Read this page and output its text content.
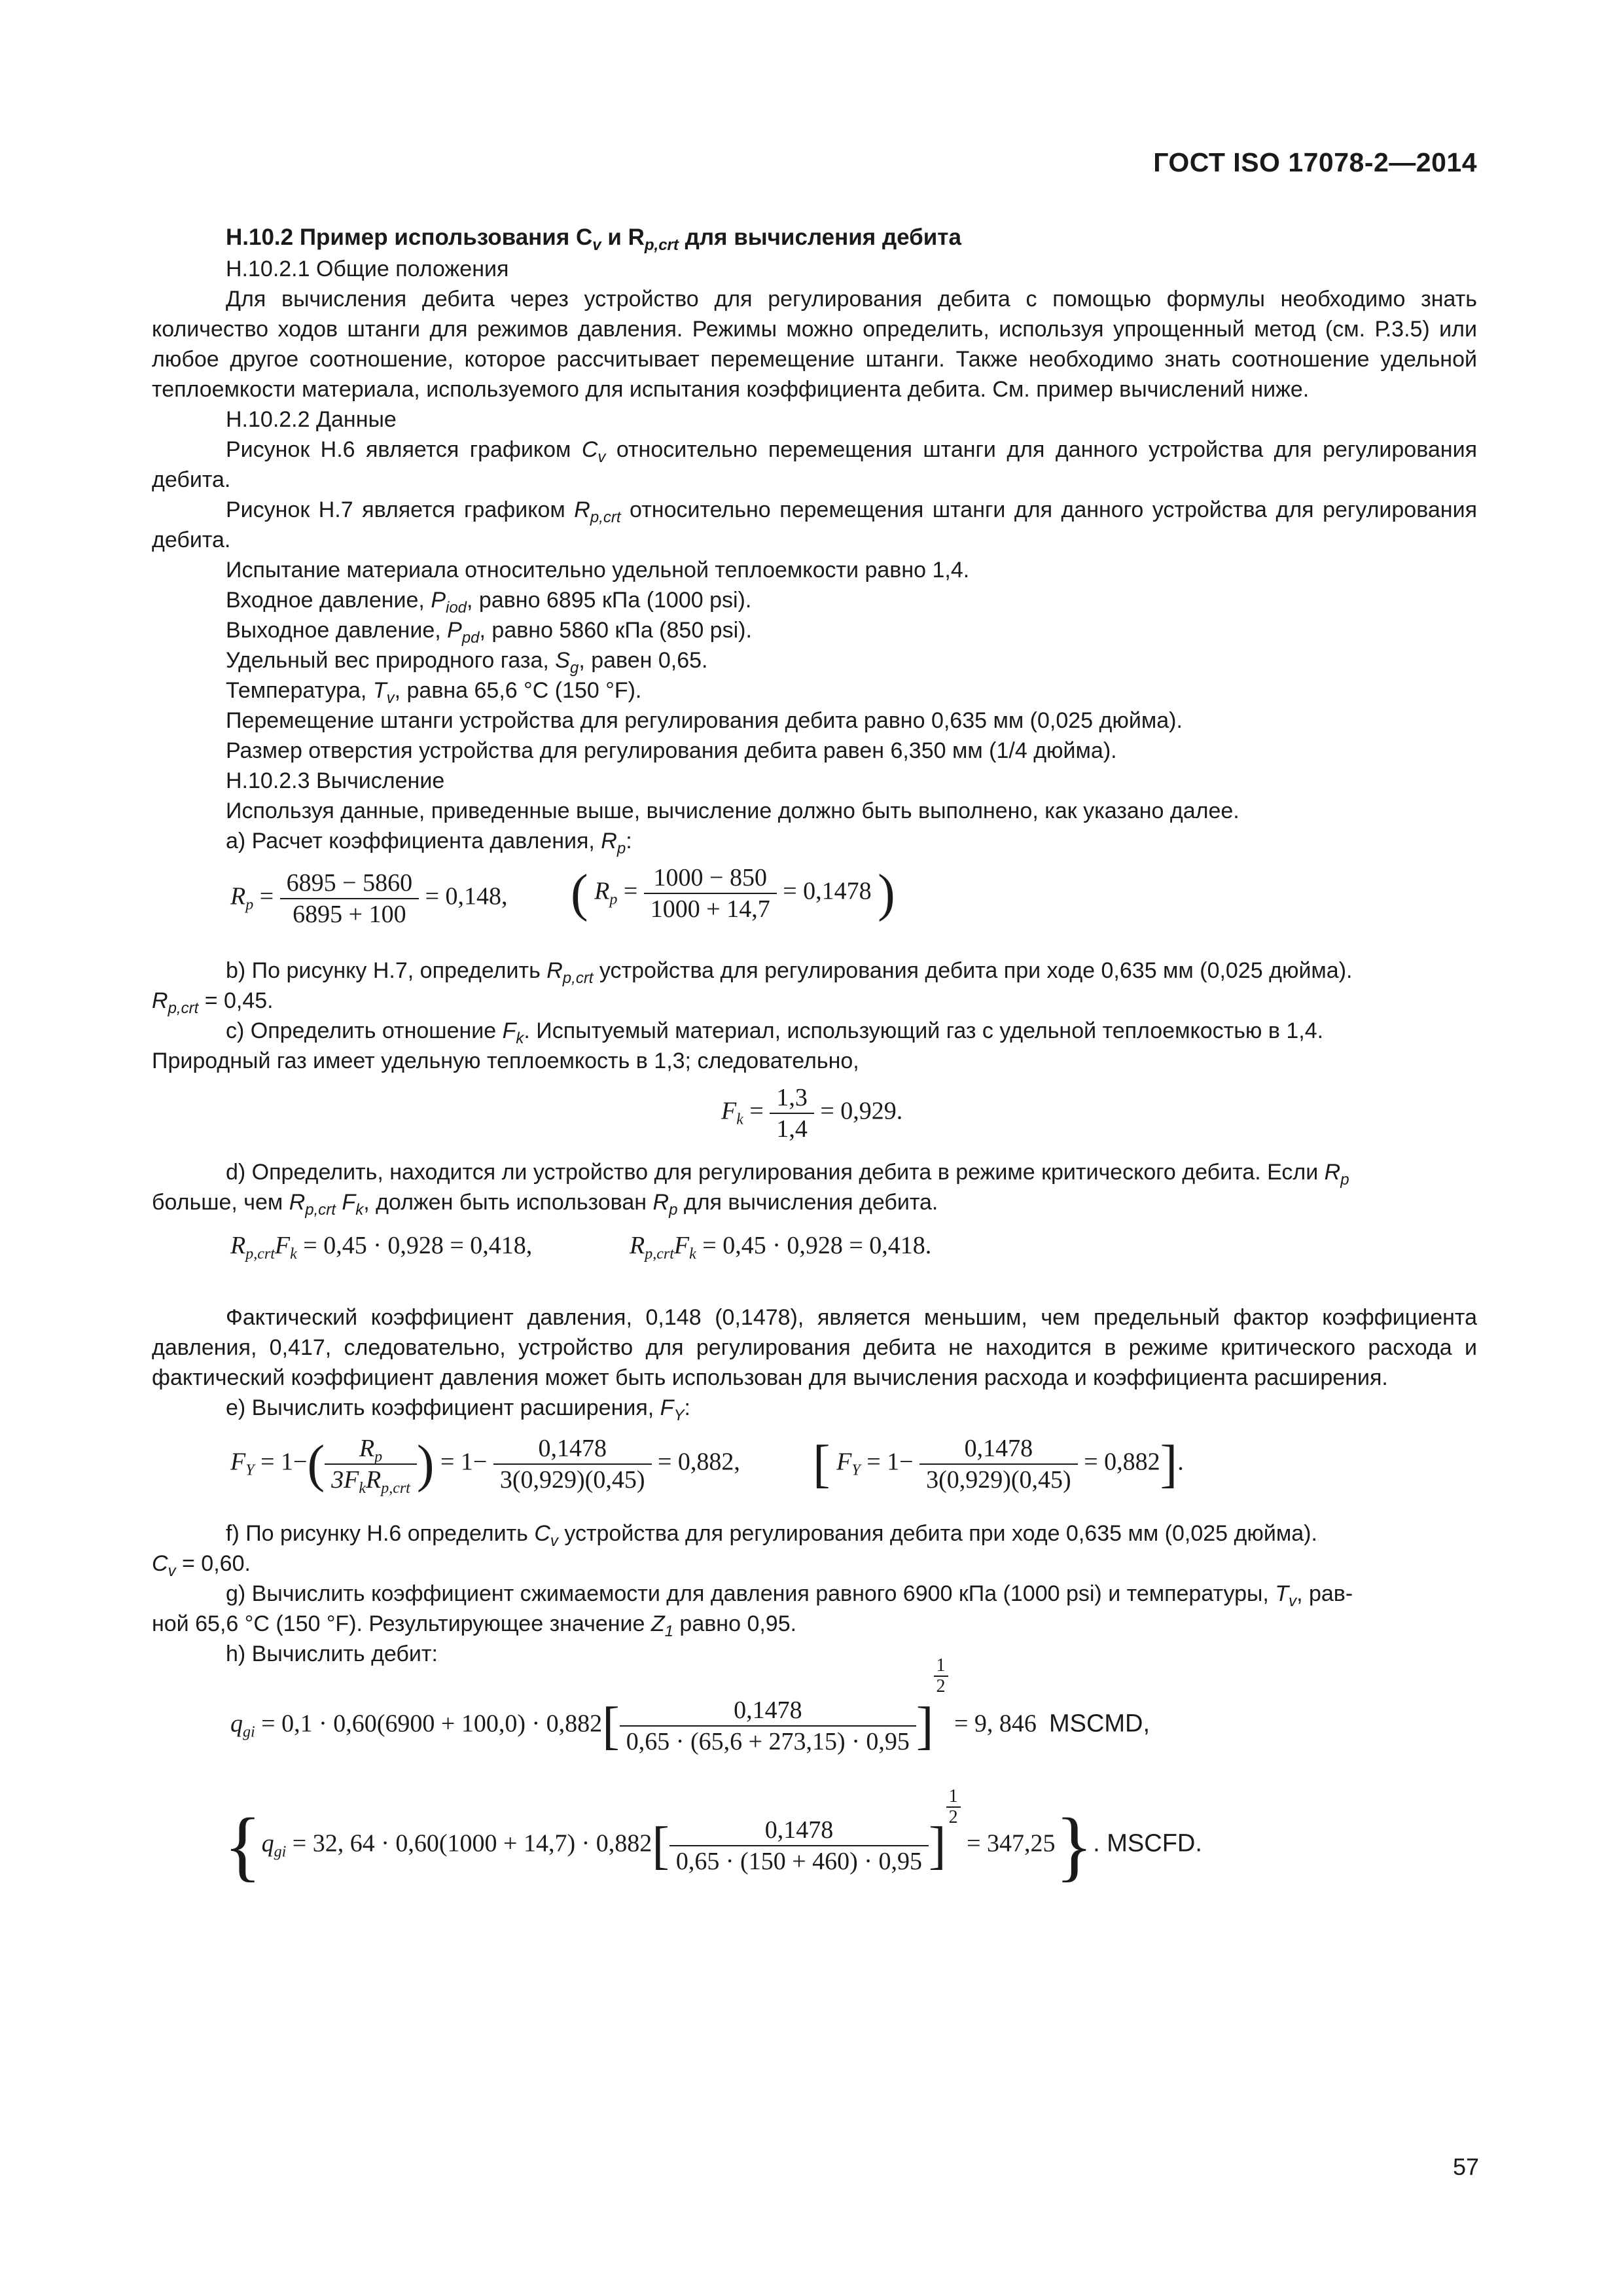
ГОСТ ISO 17078-2—2014

Н.10.2 Пример использования $C_v$ и $R_{p,crt}$ для вычисления дебита

Н.10.2.1 Общие положения

Для вычисления дебита через устройство для регулирования дебита с помощью формулы необходимо знать количество ходов штанги для режимов давления. Режимы можно определить, используя упрощенный метод (см. Р.3.5) или любое другое соотношение, которое рассчитывает перемещение штанги. Также необходимо знать соотношение удельной теплоемкости материала, используемого для испытания коэффициента дебита. См. пример вычислений ниже.

Н.10.2.2 Данные

Рисунок Н.6 является графиком $C_v$ относительно перемещения штанги для данного устройства для регулирования дебита.

Рисунок Н.7 является графиком $R_{p,crt}$ относительно перемещения штанги для данного устройства для регулирования дебита.

Испытание материала относительно удельной теплоемкости равно 1,4.

Входное давление, $P_{iod}$, равно 6895 кПа (1000 psi).

Выходное давление, $P_{pd}$, равно 5860 кПа (850 psi).

Удельный вес природного газа, $S_g$, равен 0,65.

Температура, $T_v$, равна 65,6 °C (150 °F).

Перемещение штанги устройства для регулирования дебита равно 0,635 мм (0,025 дюйма).

Размер отверстия устройства для регулирования дебита равен 6,350 мм (1/4 дюйма).

Н.10.2.3 Вычисление

Используя данные, приведенные выше, вычисление должно быть выполнено, как указано далее.

а) Расчет коэффициента давления, $R_p$:

$R_p = \frac{6895 - 5860}{6895 + 100} = 0,148$, ( $R_p = \frac{1000 - 850}{1000 + 14,7} = 0,1478$ )

b) По рисунку Н.7, определить $R_{p,crt}$ устройства для регулирования дебита при ходе 0,635 мм (0,025 дюйма).

$R_{p,crt} = 0,45$.

c) Определить отношение $F_k$. Испытуемый материал, использующий газ с удельной теплоемкостью в 1,4.

Природный газ имеет удельную теплоемкость в 1,3; следовательно,

$F_k = \frac{1,3}{1,4} = 0,929$.

d) Определить, находится ли устройство для регулирования дебита в режиме критического дебита. Если $R_p$

больше, чем $R_{p,crt}$ $F_k$, должен быть использован $R_p$ для вычисления дебита.

$R_{p,crt}F_k = 0,45 \cdot 0,928 = 0,418$,	$R_{p,crt}F_k = 0,45 \cdot 0,928 = 0,418$.

Фактический коэффициент давления, 0,148 (0,1478), является меньшим, чем предельный фактор коэффициента давления, 0,417, следовательно, устройство для регулирования дебита не находится в режиме критического расхода и фактический коэффициент давления может быть использован для вычисления расхода и коэффициента расширения.

е) Вычислить коэффициент расширения, $F_Y$:

$F_Y = 1-( \frac{R_p}{3F_kR_{p,crt}}$ ) = $1- \frac{0,1478}{3(0,929)(0,45)} = 0,882$, [ $F_Y = 1- \frac{0,1478}{3(0,929)(0,45)} = 0,882$].

f) По рисунку Н.6 определить $C_v$ устройства для регулирования дебита при ходе 0,635 мм (0,025 дюйма).

$C_v = 0,60$.

g) Вычислить коэффициент сжимаемости для давления равного 6900 кПа (1000 psi) и температуры, $T_v$, рав-

ной 65,6 °C (150 °F). Результирующее значение $Z_1$ равно 0,95.

h) Вычислить дебит:

$q_{gi} = 0,1 \cdot 0,60(6900 + 100,0) \cdot 0,882[ \frac{0,1478}{0,65 \cdot (65,6 + 273,15) \cdot 0,95}$ ]
$\frac{1}{2}$
= 9, 846 MSCMD,
{$q_{gi} = 32$, $64 \cdot 0,60(1000 + 14,7) \cdot 0,882[ \frac{0,1478}{0,65 \cdot (150 + 460) \cdot 0,95}$ ]
$\frac{1}{2}$
= 347,25}. MSCFD.
57
